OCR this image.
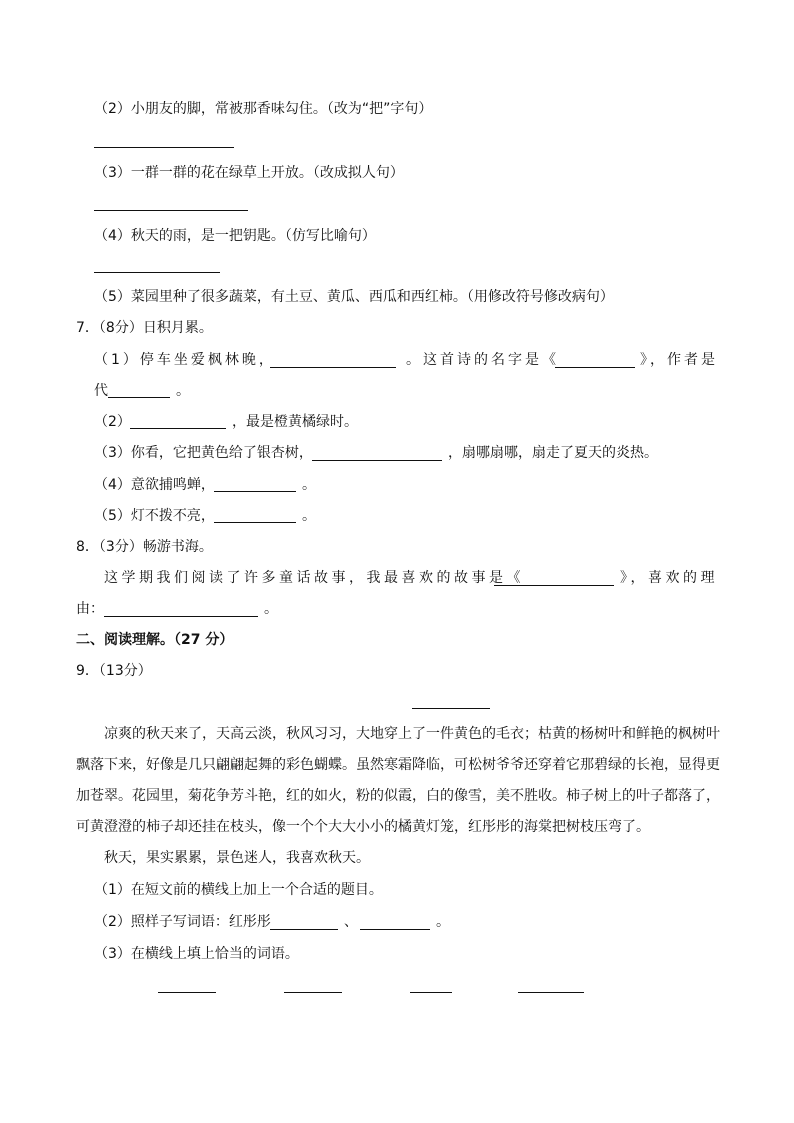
（2）小朋友的脚，常被那香味勾住。（改为“把”字句）
（3）一群一群的花在绿草上开放。（改成拟人句）
（4）秋天的雨，是一把钥匙。（仿写比喻句）
（5）菜园里种了很多蔬菜，有土豆、黄瓜、西瓜和西红柿。（用修改符号修改病句）
7．（8分）日积月累。
（1）停车坐爱枫林晚，	。这首诗的名字是《	》，作者是
代	。
（2）	，最是橙黄橘绿时。
（3）你看，它把黄色给了银杏树，	，扇哪扇哪，扇走了夏天的炎热。
（4）意欲捕鸣蝉，	。
（5）灯不拨不亮，	。
8．（3分）畅游书海。
这学期我们阅读了许多童话故事，我最喜欢的故事是《	》，喜欢的理
由：	。
二、阅读理解。（27 分）
9．（13分）
凉爽的秋天来了，天高云淡，秋风习习，大地穿上了一件黄色的毛衣；枯黄的杨树叶和鲜艳的枫树叶
飘落下来，好像是几只翩翩起舞的彩色蝴蝶。虽然寒霜降临，可松树爷爷还穿着它那碧绿的长袍，显得更
加苍翠。花园里，菊花争芳斗艳，红的如火，粉的似霞，白的像雪，美不胜收。柿子树上的叶子都落了，
可黄澄澄的柿子却还挂在枝头，像一个个大大小小的橘黄灯笼，红彤彤的海棠把树枝压弯了。
秋天，果实累累，景色迷人，我喜欢秋天。
（1）在短文前的横线上加上一个合适的题目。
（2）照样子写词语：红彤彤	、	。
（3）在横线上填上恰当的词语。
